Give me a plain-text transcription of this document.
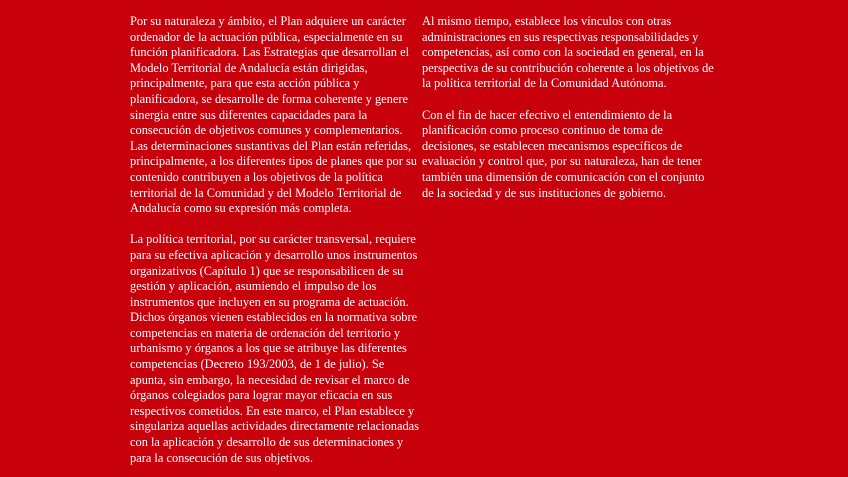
Por su naturaleza y ámbito, el Plan adquiere un carácter
ordenador de la actuación pública, especialmente en su
función planificadora. Las Estrategias que desarrollan el
Modelo Territorial de Andalucía están dirigidas,
principalmente, para que esta acción pública y
planificadora, se desarrolle de forma coherente y genere
sinergia entre sus diferentes capacidades para la
consecución de objetivos comunes y complementarios.
Las determinaciones sustantivas del Plan están referidas,
principalmente, a los diferentes tipos de planes que por su
contenido contribuyen a los objetivos de la política
territorial de la Comunidad y del Modelo Territorial de
Andalucía como su expresión más completa.
La política territorial, por su carácter transversal, requiere
para su efectiva aplicación y desarrollo unos instrumentos
organizativos (Capítulo 1) que se responsabilicen de su
gestión y aplicación, asumiendo el impulso de los
instrumentos que incluyen en su programa de actuación.
Dichos órganos vienen establecidos en la normativa sobre
competencias en materia de ordenación del territorio y
urbanismo y órganos a los que se atribuye las diferentes
competencias (Decreto 193/2003, de 1 de julio). Se
apunta, sin embargo, la necesidad de revisar el marco de
órganos colegiados para lograr mayor eficacia en sus
respectivos cometidos. En este marco, el Plan establece y
singulariza aquellas actividades directamente relacionadas
con la aplicación y desarrollo de sus determinaciones y
para la consecución de sus objetivos.
Al mismo tiempo, establece los vínculos con otras
administraciones en sus respectivas responsabilidades y
competencias, así como con la sociedad en general, en la
perspectiva de su contribución coherente a los objetivos de
la política territorial de la Comunidad Autónoma.
Con el fin de hacer efectivo el entendimiento de la
planificación como proceso continuo de toma de
decisiones, se establecen mecanismos específicos de
evaluación y control que, por su naturaleza, han de tener
también una dimensión de comunicación con el conjunto
de la sociedad y de sus instituciones de gobierno.
